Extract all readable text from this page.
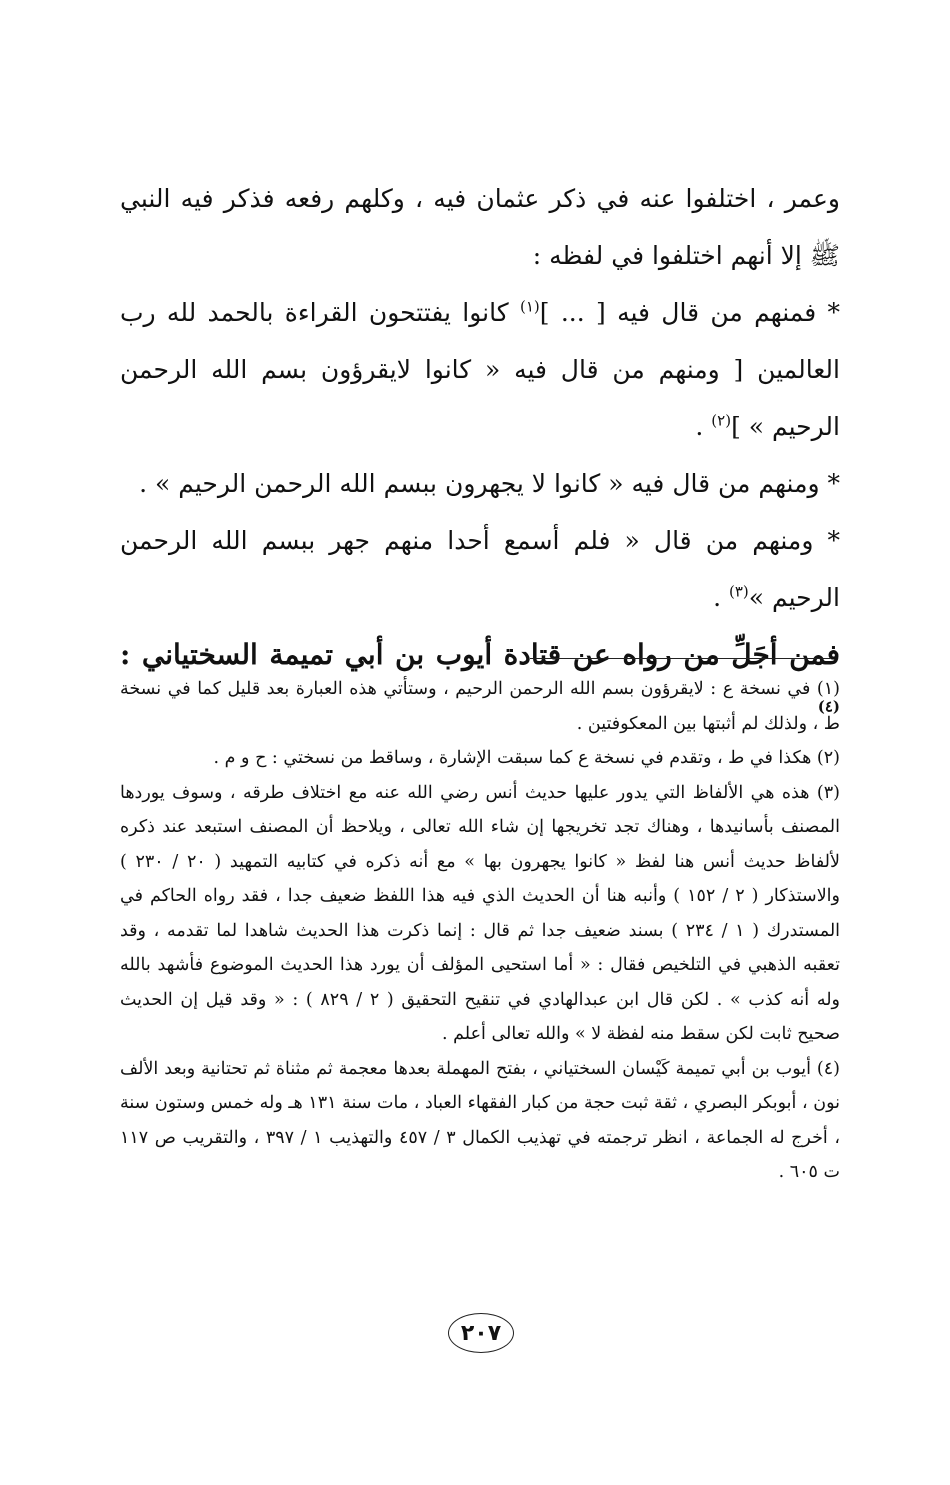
وعمر ، اختلفوا عنه في ذكر عثمان فيه ، وكلهم رفعه فذكر فيه النبي ﷺ إلا أنهم اختلفوا في لفظه :

* فمنهم من قال فيه [ ... ]$^{(١)}$ كانوا يفتتحون القراءة بالحمد لله رب العالمين [ ومنهم من قال فيه « كانوا لايقرؤون بسم الله الرحمن الرحيم » ]$^{(٢)}$ .

* ومنهم من قال فيه « كانوا لا يجهرون ببسم الله الرحمن الرحيم » .

* ومنهم من قال « فلم أسمع أحدا منهم جهر ببسم الله الرحمن الرحيم »$^{(٣)}$ .

فمن أجَلِّ من رواه عن قتادة أيوب بن أبي تميمة السختياني :$^{(٤)}$

(١) في نسخة ع : لايقرؤون بسم الله الرحمن الرحيم ، وستأتي هذه العبارة بعد قليل كما في نسخة ط ، ولذلك لم أثبتها بين المعكوفتين .

(٢) هكذا في ط ، وتقدم في نسخة ع كما سبقت الإشارة ، وساقط من نسختي : ح و م .

(٣) هذه هي الألفاظ التي يدور عليها حديث أنس رضي الله عنه مع اختلاف طرقه ، وسوف يوردها المصنف بأسانيدها ، وهناك تجد تخريجها إن شاء الله تعالى ، ويلاحظ أن المصنف استبعد عند ذكره لألفاظ حديث أنس هنا لفظ « كانوا يجهرون بها » مع أنه ذكره في كتابيه التمهيد ( ٢٠ / ٢٣٠ ) والاستذكار ( ٢ / ١٥٢ ) وأنبه هنا أن الحديث الذي فيه هذا اللفظ ضعيف جدا ، فقد رواه الحاكم في المستدرك ( ١ / ٢٣٤ ) بسند ضعيف جدا ثم قال : إنما ذكرت هذا الحديث شاهدا لما تقدمه ، وقد تعقبه الذهبي في التلخيص فقال : « أما استحيى المؤلف أن يورد هذا الحديث الموضوع فأشهد بالله وله أنه كذب » . لكن قال ابن عبدالهادي في تنقيح التحقيق ( ٢ / ٨٢٩ ) : « وقد قيل إن الحديث صحيح ثابت لكن سقط منه لفظة لا » والله تعالى أعلم .

(٤) أيوب بن أبي تميمة كَيْسان السختياني ، بفتح المهملة بعدها معجمة ثم مثناة ثم تحتانية وبعد الألف نون ، أبوبكر البصري ، ثقة ثبت حجة من كبار الفقهاء العباد ، مات سنة ١٣١ هـ وله خمس وستون سنة ، أخرج له الجماعة ، انظر ترجمته في تهذيب الكمال ٣ / ٤٥٧ والتهذيب ١ / ٣٩٧ ، والتقريب ص ١١٧ ت ٦٠٥ .

٢٠٧
